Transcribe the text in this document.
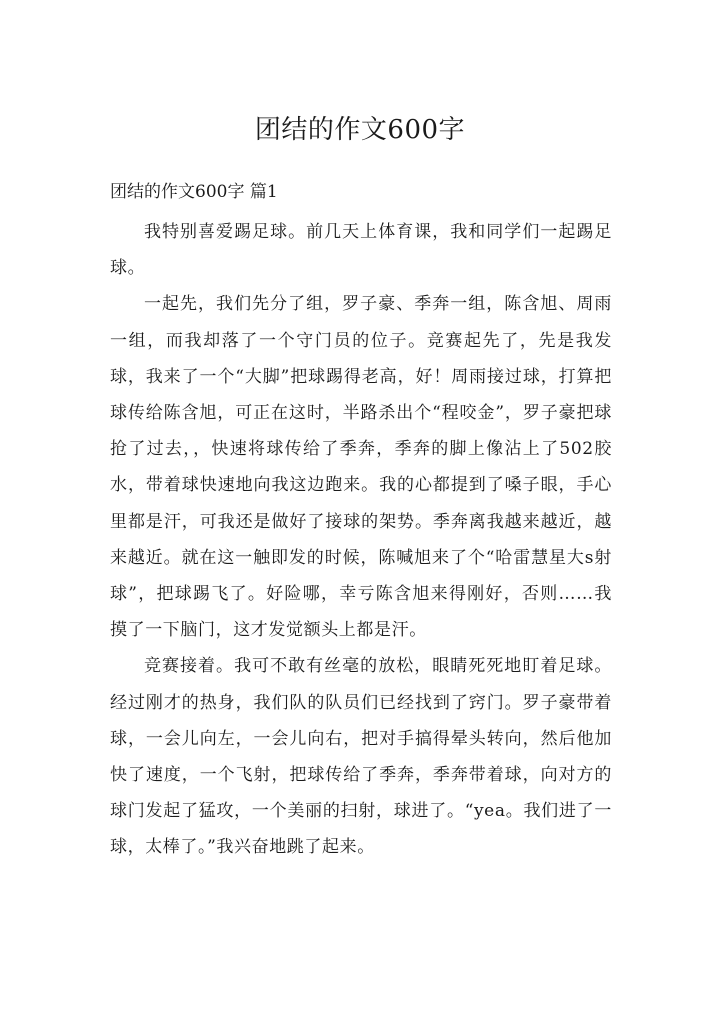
团结的作文600字

团结的作文600字 篇1

我特别喜爱踢足球。前几天上体育课，我和同学们一起踢足球。

一起先，我们先分了组，罗子豪、季奔一组，陈含旭、周雨一组，而我却落了一个守门员的位子。竞赛起先了，先是我发球，我来了一个“大脚”把球踢得老高，好！周雨接过球，打算把球传给陈含旭，可正在这时，半路杀出个“程咬金”，罗子豪把球抢了过去，，快速将球传给了季奔，季奔的脚上像沾上了502胶水，带着球快速地向我这边跑来。我的心都提到了嗓子眼，手心里都是汗，可我还是做好了接球的架势。季奔离我越来越近，越来越近。就在这一触即发的时候，陈喊旭来了个“哈雷慧星大s射球”，把球踢飞了。好险哪，幸亏陈含旭来得刚好，否则……我摸了一下脑门，这才发觉额头上都是汗。

竞赛接着。我可不敢有丝毫的放松，眼睛死死地盯着足球。经过刚才的热身，我们队的队员们已经找到了窍门。罗子豪带着球，一会儿向左，一会儿向右，把对手搞得晕头转向，然后他加快了速度，一个飞射，把球传给了季奔，季奔带着球，向对方的球门发起了猛攻，一个美丽的扫射，球进了。“yea。我们进了一球，太棒了。”我兴奋地跳了起来。
